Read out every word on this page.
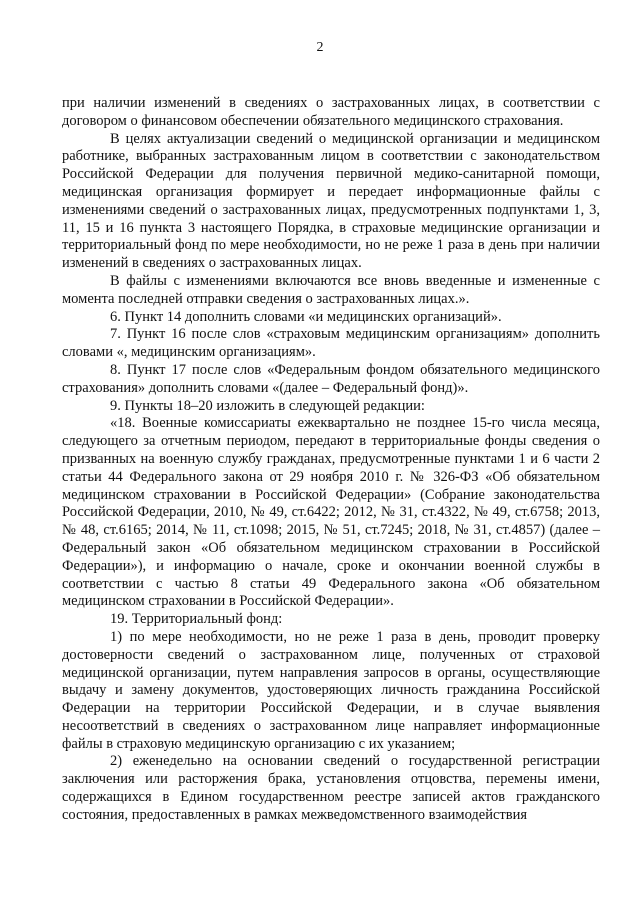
2

при наличии изменений в сведениях о застрахованных лицах, в соответствии с договором о финансовом обеспечении обязательного медицинского страхования.

В целях актуализации сведений о медицинской организации и медицинском работнике, выбранных застрахованным лицом в соответствии с законодательством Российской Федерации для получения первичной медико-санитарной помощи, медицинская организация формирует и передает информационные файлы с изменениями сведений о застрахованных лицах, предусмотренных подпунктами 1, 3, 11, 15 и 16 пункта 3 настоящего Порядка, в страховые медицинские организации и территориальный фонд по мере необходимости, но не реже 1 раза в день при наличии изменений в сведениях о застрахованных лицах.

В файлы с изменениями включаются все вновь введенные и измененные с момента последней отправки сведения о застрахованных лицах.».

6. Пункт 14 дополнить словами «и медицинских организаций».

7. Пункт 16 после слов «страховым медицинским организациям» дополнить словами «, медицинским организациям».

8. Пункт 17 после слов «Федеральным фондом обязательного медицинского страхования» дополнить словами «(далее – Федеральный фонд)».

9. Пункты 18–20 изложить в следующей редакции:

«18. Военные комиссариаты ежеквартально не позднее 15-го числа месяца, следующего за отчетным периодом, передают в территориальные фонды сведения о призванных на военную службу гражданах, предусмотренные пунктами 1 и 6 части 2 статьи 44 Федерального закона от 29 ноября 2010 г. № 326-ФЗ «Об обязательном медицинском страховании в Российской Федерации» (Собрание законодательства Российской Федерации, 2010, № 49, ст.6422; 2012, № 31, ст.4322, № 49, ст.6758; 2013, № 48, ст.6165; 2014, № 11, ст.1098; 2015, № 51, ст.7245; 2018, № 31, ст.4857) (далее – Федеральный закон «Об обязательном медицинском страховании в Российской Федерации»), и информацию о начале, сроке и окончании военной службы в соответствии с частью 8 статьи 49 Федерального закона «Об обязательном медицинском страховании в Российской Федерации».

19. Территориальный фонд:

1) по мере необходимости, но не реже 1 раза в день, проводит проверку достоверности сведений о застрахованном лице, полученных от страховой медицинской организации, путем направления запросов в органы, осуществляющие выдачу и замену документов, удостоверяющих личность гражданина Российской Федерации на территории Российской Федерации, и в случае выявления несоответствий в сведениях о застрахованном лице направляет информационные файлы в страховую медицинскую организацию с их указанием;

2) еженедельно на основании сведений о государственной регистрации заключения или расторжения брака, установления отцовства, перемены имени, содержащихся в Едином государственном реестре записей актов гражданского состояния, предоставленных в рамках межведомственного взаимодействия
